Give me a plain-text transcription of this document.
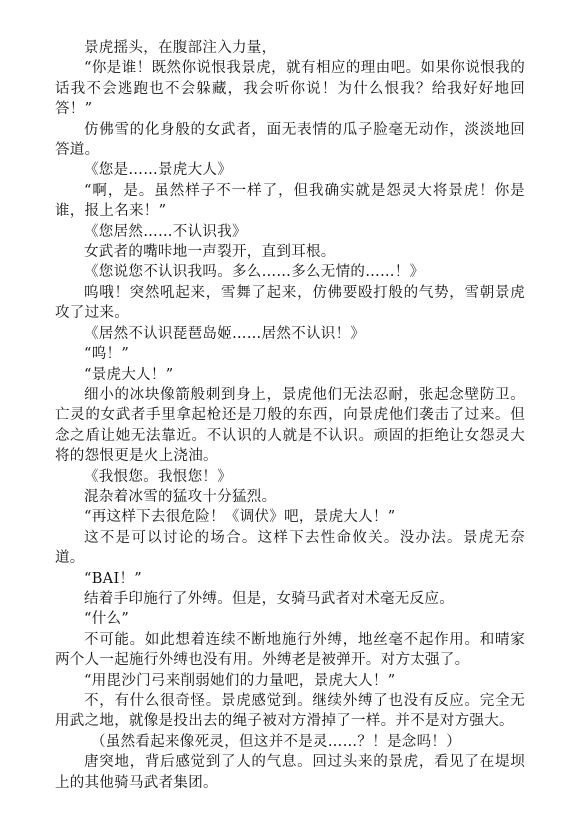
景虎摇头，在腹部注入力量，

“你是谁！既然你说恨我景虎，就有相应的理由吧。如果你说恨我的话我不会逃跑也不会躲藏，我会听你说！为什么恨我？给我好好地回答！”

仿佛雪的化身般的女武者，面无表情的瓜子脸毫无动作，淡淡地回答道。

《您是……景虎大人》

“啊，是。虽然样子不一样了，但我确实就是怨灵大将景虎！你是谁，报上名来！”

《您居然……不认识我》

女武者的嘴咔地一声裂开，直到耳根。

《您说您不认识我吗。多么……多么无情的……！》

呜哦！突然吼起来，雪舞了起来，仿佛要殴打般的气势，雪朝景虎攻了过来。

《居然不认识琵琶岛姬……居然不认识！》

“呜！”

“景虎大人！”

细小的冰块像箭般刺到身上，景虎他们无法忍耐，张起念壁防卫。亡灵的女武者手里拿起枪还是刀般的东西，向景虎他们袭击了过来。但念之盾让她无法靠近。不认识的人就是不认识。顽固的拒绝让女怨灵大将的怨恨更是火上浇油。

《我恨您。我恨您！》

混杂着冰雪的猛攻十分猛烈。

“再这样下去很危险！《调伏》吧，景虎大人！”

这不是可以讨论的场合。这样下去性命攸关。没办法。景虎无奈道。

“BAI！”

结着手印施行了外缚。但是，女骑马武者对术毫无反应。

“什么”

不可能。如此想着连续不断地施行外缚，地丝毫不起作用。和晴家两个人一起施行外缚也没有用。外缚老是被弹开。对方太强了。

“用毘沙门弓来削弱她们的力量吧，景虎大人！”

不，有什么很奇怪。景虎感觉到。继续外缚了也没有反应。完全无用武之地，就像是投出去的绳子被对方滑掉了一样。并不是对方强大。

（虽然看起来像死灵，但这并不是灵……？！是念吗！）

唐突地，背后感觉到了人的气息。回过头来的景虎，看见了在堤坝上的其他骑马武者集团。
